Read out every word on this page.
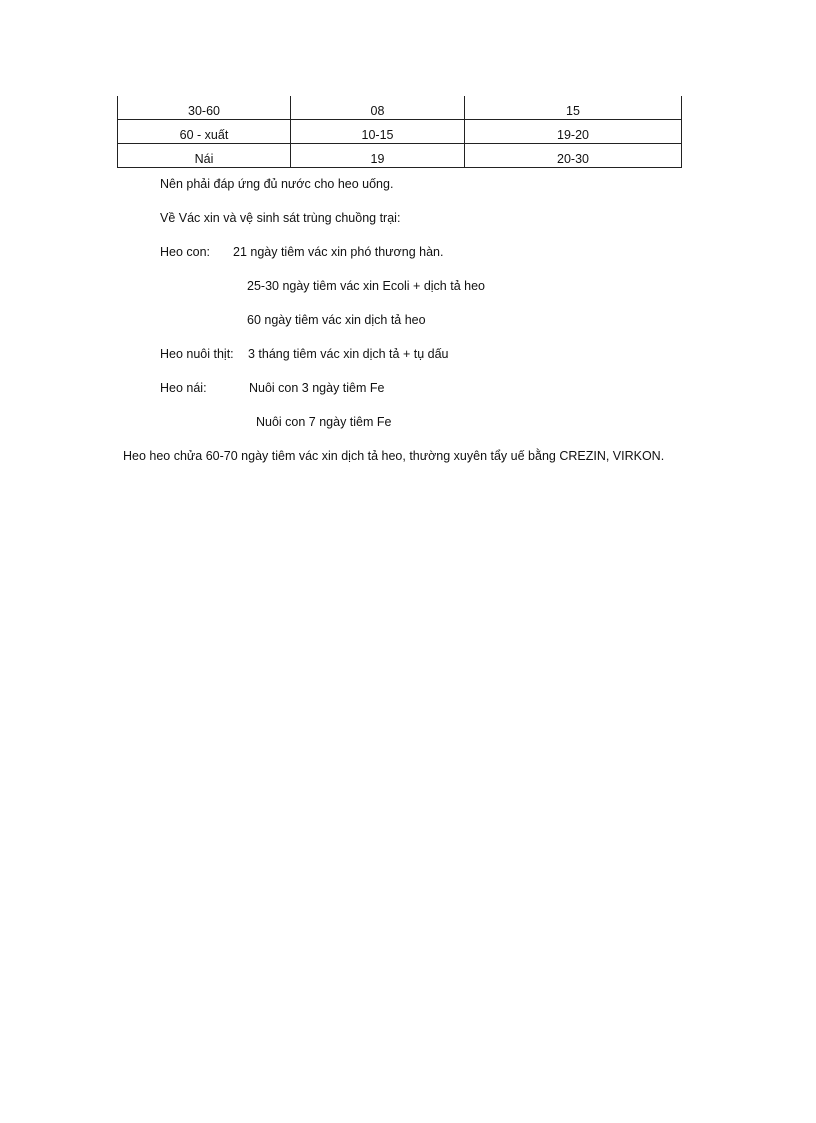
30-60	08	15
60 - xuất	10-15	19-20
Nái	19	20-30
Nên phải đáp ứng đủ nước cho heo uống.
Về Vác xin và vệ sinh sát trùng chuồng trại:
Heo con: 21 ngày tiêm vác xin phó thương hàn.
25-30 ngày tiêm vác xin Ecoli + dịch tả heo
60 ngày tiêm vác xin dịch tả heo
Heo nuôi thịt: 3 tháng tiêm vác xin dịch tả + tụ dấu
Heo nái:	Nuôi con 3 ngày tiêm Fe
Nuôi con 7 ngày tiêm Fe
Heo heo chửa 60-70 ngày tiêm vác xin dịch tả heo, thường xuyên tẩy uế bằng CREZIN, VIRKON.
